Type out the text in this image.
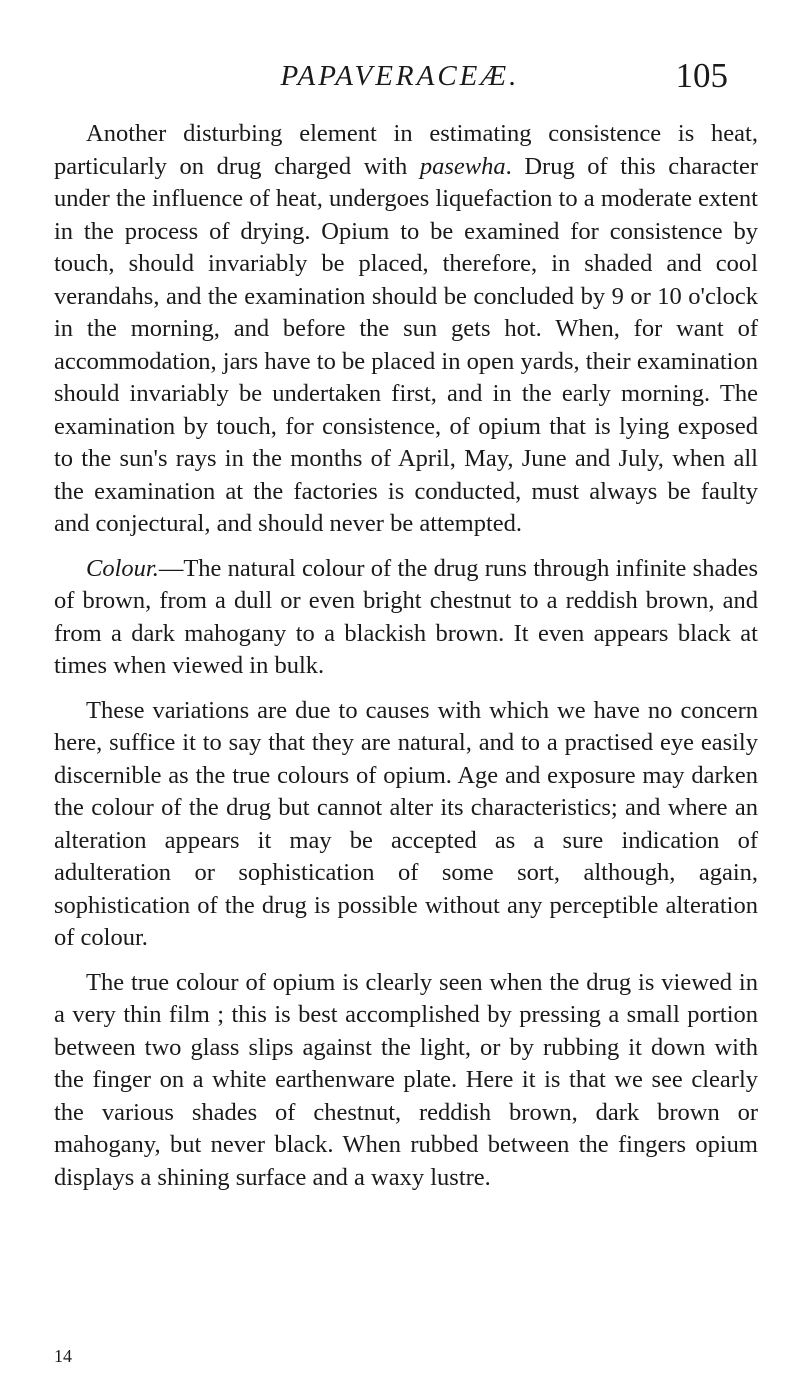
PAPAVERACEÆ.	105

Another disturbing element in estimating consistence is heat, particularly on drug charged with pasewha. Drug of this character under the influence of heat, undergoes liquefaction to a moderate extent in the process of drying. Opium to be examined for consistence by touch, should invariably be placed, therefore, in shaded and cool verandahs, and the examination should be concluded by 9 or 10 o'clock in the morning, and before the sun gets hot. When, for want of accommodation, jars have to be placed in open yards, their examination should invariably be undertaken first, and in the early morning. The examination by touch, for consistence, of opium that is lying exposed to the sun's rays in the months of April, May, June and July, when all the examination at the factories is conducted, must always be faulty and conjectural, and should never be attempted.

Colour.—The natural colour of the drug runs through infinite shades of brown, from a dull or even bright chestnut to a reddish brown, and from a dark mahogany to a blackish brown. It even appears black at times when viewed in bulk.

These variations are due to causes with which we have no concern here, suffice it to say that they are natural, and to a practised eye easily discernible as the true colours of opium. Age and exposure may darken the colour of the drug but cannot alter its characteristics; and where an alteration appears it may be accepted as a sure indication of adulteration or sophistication of some sort, although, again, sophistication of the drug is possible without any perceptible alteration of colour.

The true colour of opium is clearly seen when the drug is viewed in a very thin film ; this is best accomplished by pressing a small portion between two glass slips against the light, or by rubbing it down with the finger on a white earthenware plate. Here it is that we see clearly the various shades of chestnut, reddish brown, dark brown or mahogany, but never black. When rubbed between the fingers opium displays a shining surface and a waxy lustre.

14
